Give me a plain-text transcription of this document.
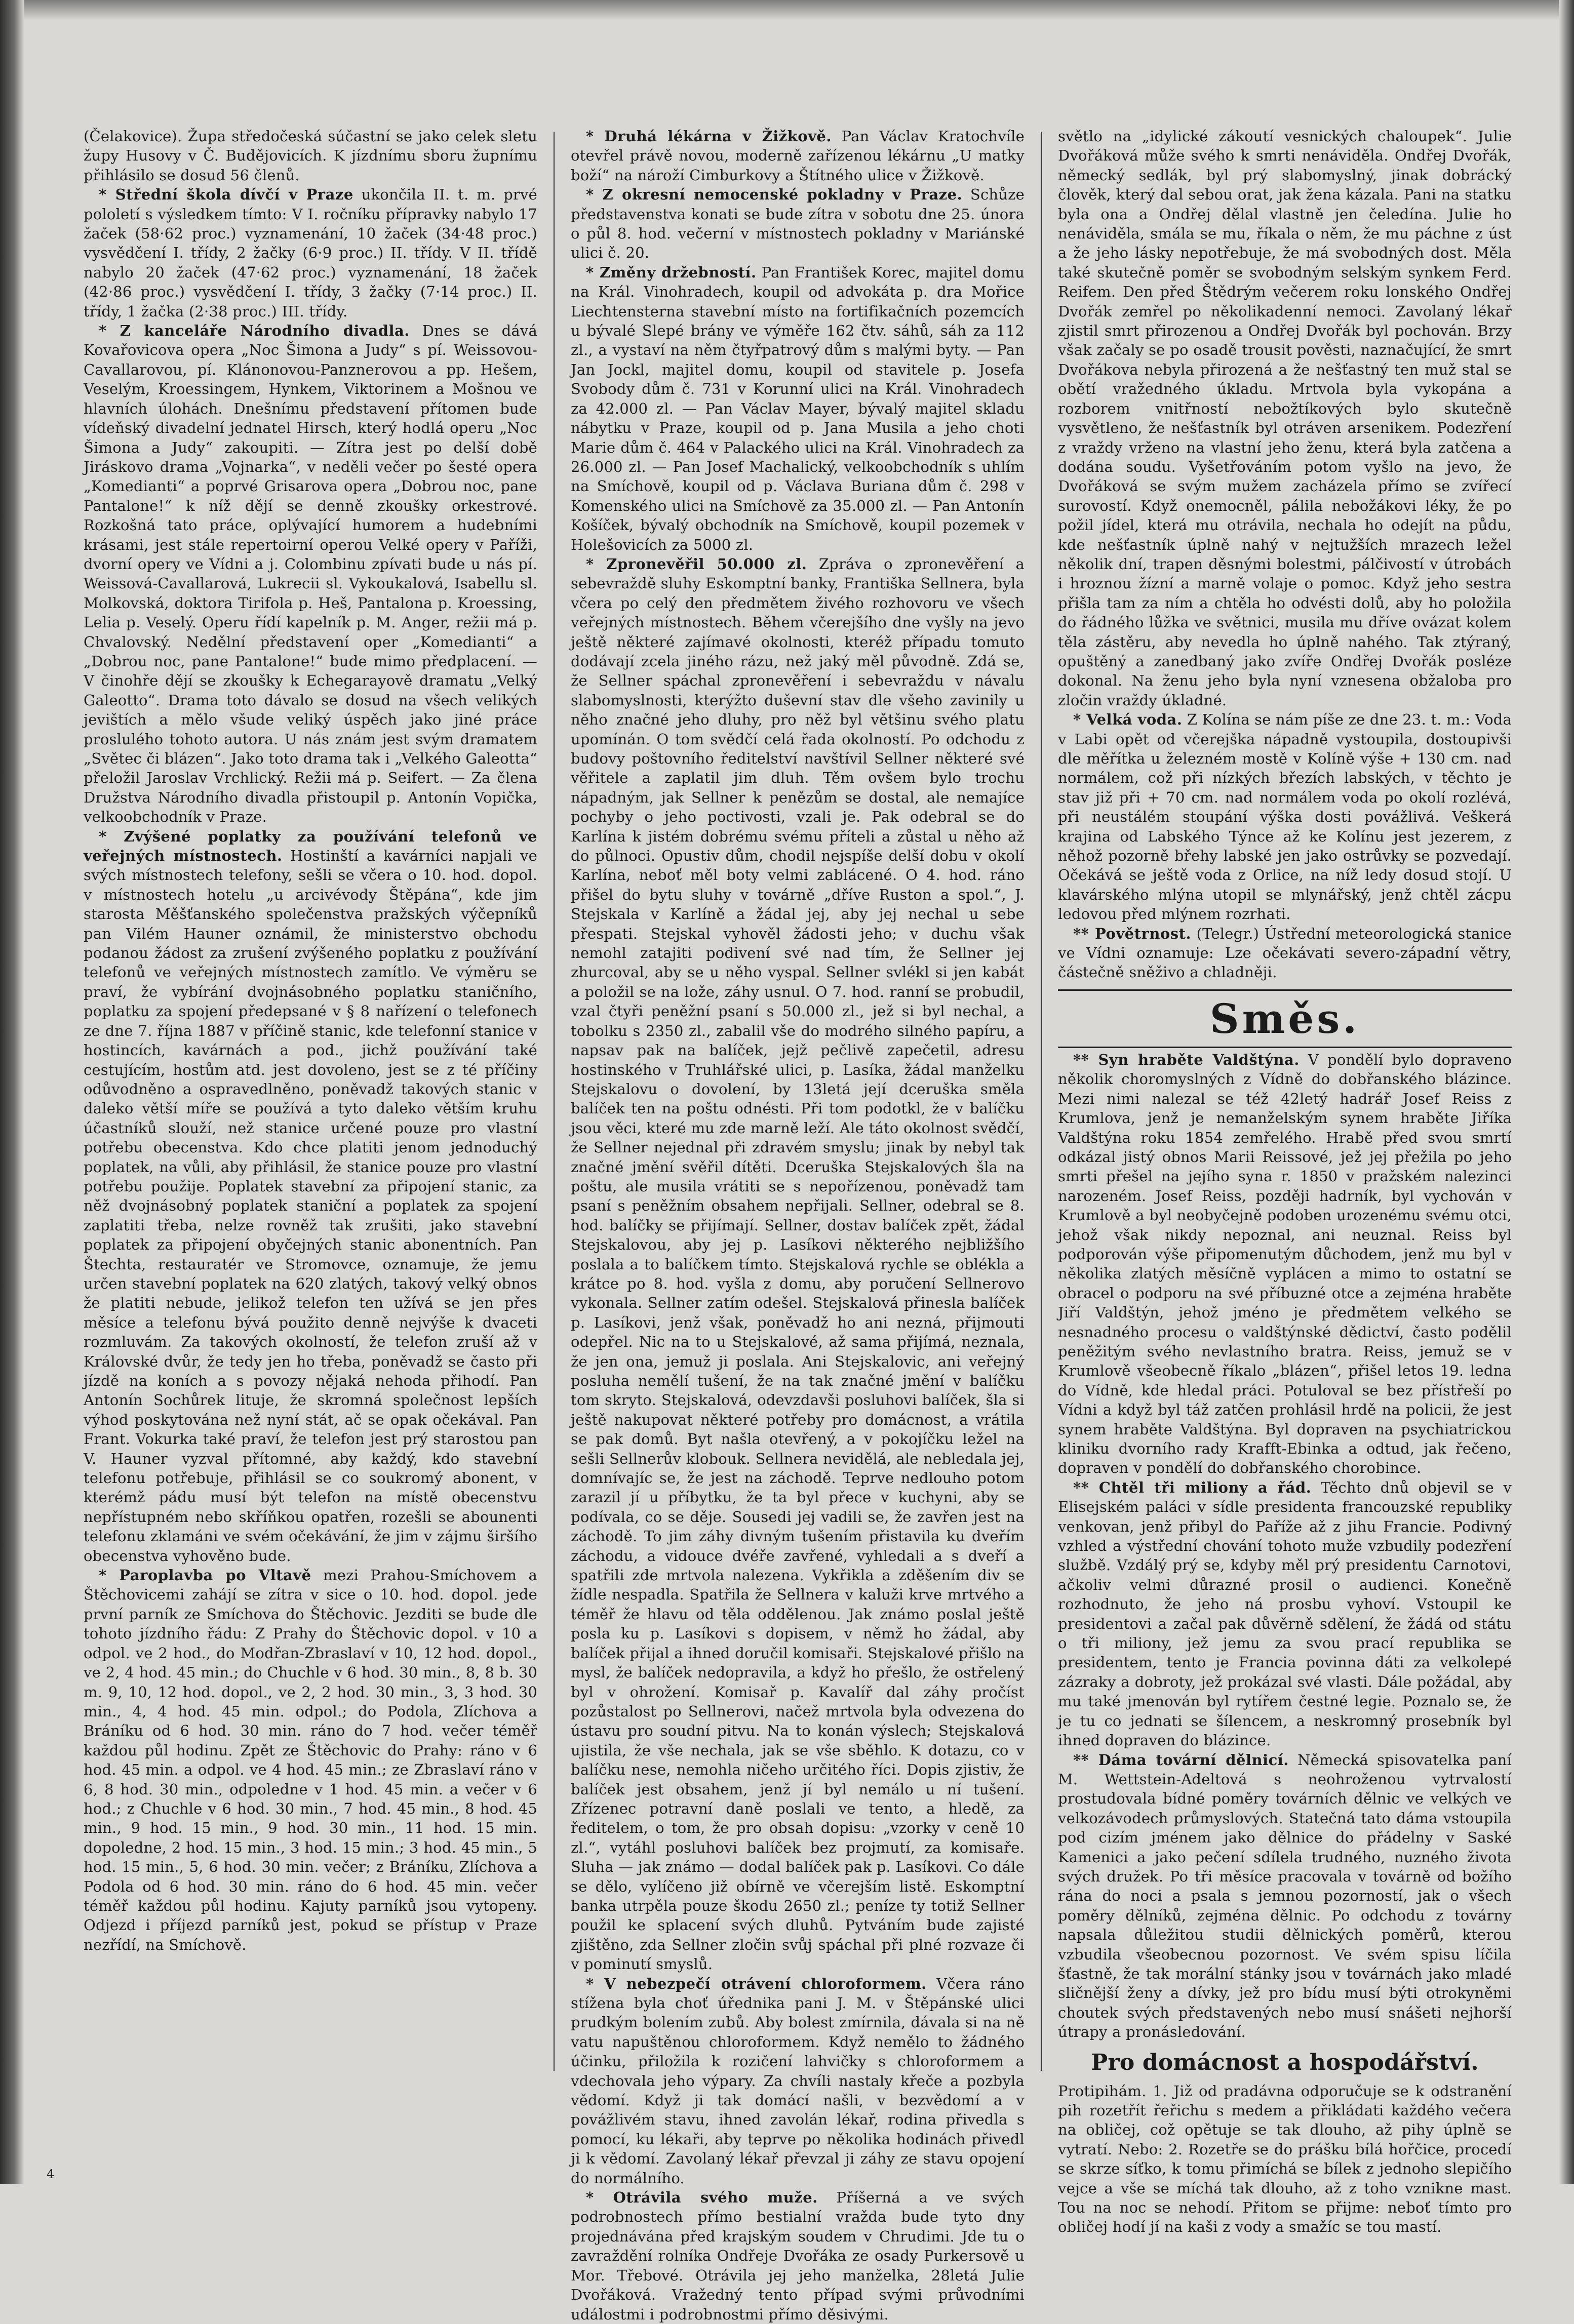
(Čelakovice). Župa středočeská súčastní se jako celek sletu župy Husovy v Č. Budějovicích. K jízdnímu sboru župnímu přihlásilo se dosud 56 členů.

* Střední škola dívčí v Praze ukončila II. t. m. prvé pololetí s výsledkem tímto: V I. ročníku přípravky nabylo 17 žaček (58·62 proc.) vyznamenání, 10 žaček (34·48 proc.) vysvědčení I. třídy, 2 žačky (6·9 proc.) II. třídy. V II. třídě nabylo 20 žaček (47·62 proc.) vyznamenání, 18 žaček (42·86 proc.) vysvědčení I. třídy, 3 žačky (7·14 proc.) II. třídy, 1 žačka (2·38 proc.) III. třídy.

* Z kanceláře Národního divadla. Dnes se dává Kovařovicova opera „Noc Šimona a Judy“ s pí. Weissovou-Cavallarovou, pí. Klánonovou-Panznerovou a pp. Hešem, Veselým, Kroessingem, Hynkem, Viktorinem a Mošnou ve hlavních úlohách. Dnešnímu představení přítomen bude vídeňský divadelní jednatel Hirsch, který hodlá operu „Noc Šimona a Judy“ zakoupiti. — Zítra jest po delší době Jiráskovo drama „Vojnarka“, v neděli večer po šesté opera „Komedianti“ a poprvé Grisarova opera „Dobrou noc, pane Pantalone!“ k níž dějí se denně zkoušky orkestrové. Rozkošná tato práce, oplývající humorem a hudebními krásami, jest stále repertoirní operou Velké opery v Paříži, dvorní opery ve Vídni a j. Colombinu zpívati bude u nás pí. Weissová-Cavallarová, Lukrecii sl. Vykoukalová, Isabellu sl. Molkovská, doktora Tirifola p. Heš, Pantalona p. Kroessing, Lelia p. Veselý. Operu řídí kapelník p. M. Anger, režii má p. Chvalovský. Nedělní představení oper „Komedianti“ a „Dobrou noc, pane Pantalone!“ bude mimo předplacení. — V činohře dějí se zkoušky k Echegarayově dramatu „Velký Galeotto“. Drama toto dávalo se dosud na všech velikých jevištích a mělo všude veliký úspěch jako jiné práce proslulého tohoto autora. U nás znám jest svým dramatem „Světec či blázen“. Jako toto drama tak i „Velkého Galeotta“ přeložil Jaroslav Vrchlický. Režii má p. Seifert. — Za člena Družstva Národního divadla přistoupil p. Antonín Vopička, velkoobchodník v Praze.

* Zvýšené poplatky za používání telefonů ve veřejných místnostech. Hostinští a kavárníci napjali ve svých místnostech telefony, sešli se včera o 10. hod. dopol. v místnostech hotelu „u arcivévody Štěpána“, kde jim starosta Měšťanského společenstva pražských výčepníků pan Vilém Hauner oznámil, že ministerstvo obchodu podanou žádost za zrušení zvýšeného poplatku z používání telefonů ve veřejných místnostech zamítlo. Ve výměru se praví, že vybírání dvojnásobného poplatku staničního, poplatku za spojení předepsané v § 8 nařízení o telefonech ze dne 7. října 1887 v příčině stanic, kde telefonní stanice v hostincích, kavárnách a pod., jichž používání také cestujícím, hostům atd. jest dovoleno, jest se z té příčiny odůvodněno a ospravedlněno, poněvadž takových stanic v daleko větší míře se používá a tyto daleko větším kruhu účastníků slouží, než stanice určené pouze pro vlastní potřebu obecenstva. Kdo chce platiti jenom jednoduchý poplatek, na vůli, aby přihlásil, že stanice pouze pro vlastní potřebu použije. Poplatek stavební za připojení stanic, za něž dvojnásobný poplatek staniční a poplatek za spojení zaplatiti třeba, nelze rovněž tak zrušiti, jako stavební poplatek za připojení obyčejných stanic abonentních. Pan Štechta, restauratér ve Stromovce, oznamuje, že jemu určen stavební poplatek na 620 zlatých, takový velký obnos že platiti nebude, jelikož telefon ten užívá se jen přes měsíce a telefonu bývá použito denně nejvýše k dvaceti rozmluvám. Za takových okolností, že telefon zruší až v Královské dvůr, že tedy jen ho třeba, poněvadž se často při jízdě na koních a s povozy nějaká nehoda přihodí. Pan Antonín Sochůrek lituje, že skromná společnost lepších výhod poskytována než nyní stát, ač se opak očekával. Pan Frant. Vokurka také praví, že telefon jest prý starostou pan V. Hauner vyzval přítomné, aby každý, kdo stavební telefonu potřebuje, přihlásil se co soukromý abonent, v kterémž pádu musí být telefon na místě obecenstvu nepřístupném nebo skříňkou opatřen, rozešli se abounenti telefonu zklamáni ve svém očekávání, že jim v zájmu širšího obecenstva vyhověno bude.

* Paroplavba po Vltavě mezi Prahou-Smíchovem a Štěchovicemi zahájí se zítra v sice o 10. hod. dopol. jede první parník ze Smíchova do Štěchovic. Jezditi se bude dle tohoto jízdního řádu: Z Prahy do Štěchovic dopol. v 10 a odpol. ve 2 hod., do Modřan-Zbraslaví v 10, 12 hod. dopol., ve 2, 4 hod. 45 min.; do Chuchle v 6 hod. 30 min., 8, 8 b. 30 m. 9, 10, 12 hod. dopol., ve 2, 2 hod. 30 min., 3, 3 hod. 30 min., 4, 4 hod. 45 min. odpol.; do Podola, Zlíchova a Bráníku od 6 hod. 30 min. ráno do 7 hod. večer téměř každou půl hodinu. Zpět ze Štěchovic do Prahy: ráno v 6 hod. 45 min. a odpol. ve 4 hod. 45 min.; ze Zbraslaví ráno v 6, 8 hod. 30 min., odpoledne v 1 hod. 45 min. a večer v 6 hod.; z Chuchle v 6 hod. 30 min., 7 hod. 45 min., 8 hod. 45 min., 9 hod. 15 min., 9 hod. 30 min., 11 hod. 15 min. dopoledne, 2 hod. 15 min., 3 hod. 15 min.; 3 hod. 45 min., 5 hod. 15 min., 5, 6 hod. 30 min. večer; z Bráníku, Zlíchova a Podola od 6 hod. 30 min. ráno do 6 hod. 45 min. večer téměř každou půl hodinu. Kajuty parníků jsou vytopeny. Odjezd i příjezd parníků jest, pokud se přístup v Praze nezřídí, na Smíchově.

* Druhá lékárna v Žižkově. Pan Václav Kratochvíle otevřel právě novou, moderně zařízenou lékárnu „U matky boží“ na nároží Cimburkovy a Štítného ulice v Žižkově.

* Z okresní nemocenské pokladny v Praze. Schůze představenstva konati se bude zítra v sobotu dne 25. února o půl 8. hod. večerní v místnostech pokladny v Mariánské ulici č. 20.

* Změny držebností. Pan František Korec, majitel domu na Král. Vinohradech, koupil od advokáta p. dra Mořice Liechtensterna stavební místo na fortifikačních pozemcích u bývalé Slepé brány ve výměře 162 čtv. sáhů, sáh za 112 zl., a vystaví na něm čtyřpatrový dům s malými byty. — Pan Jan Jockl, majitel domu, koupil od stavitele p. Josefa Svobody dům č. 731 v Korunní ulici na Král. Vinohradech za 42.000 zl. — Pan Václav Mayer, bývalý majitel skladu nábytku v Praze, koupil od p. Jana Musila a jeho choti Marie dům č. 464 v Palackého ulici na Král. Vinohradech za 26.000 zl. — Pan Josef Machalický, velkoobchodník s uhlím na Smíchově, koupil od p. Václava Buriana dům č. 298 v Komenského ulici na Smíchově za 35.000 zl. — Pan Antonín Košíček, bývalý obchodník na Smíchově, koupil pozemek v Holešovicích za 5000 zl.

* Zpronevěřil 50.000 zl. Zpráva o zpronevěření a sebevraždě sluhy Eskomptní banky, Františka Sellnera, byla včera po celý den předmětem živého rozhovoru ve všech veřejných místnostech. Během včerejšího dne vyšly na jevo ještě některé zajímavé okolnosti, kteréž případu tomuto dodávají zcela jiného rázu, než jaký měl původně. Zdá se, že Sellner spáchal zpronevěření i sebevraždu v návalu slabomyslnosti, kterýžto duševní stav dle všeho zavinily u něho značné jeho dluhy, pro něž byl většinu svého platu upomínán. O tom svědčí celá řada okolností. Po odchodu z budovy poštovního ředitelství navštívil Sellner některé své věřitele a zaplatil jim dluh. Těm ovšem bylo trochu nápadným, jak Sellner k penězům se dostal, ale nemajíce pochyby o jeho poctivosti, vzali je. Pak odebral se do Karlína k jistém dobrému svému příteli a zůstal u něho až do půlnoci. Opustiv dům, chodil nejspíše delší dobu v okolí Karlína, neboť měl boty velmi zablácené. O 4. hod. ráno přišel do bytu sluhy v továrně „dříve Ruston a spol.“, J. Stejskala v Karlíně a žádal jej, aby jej nechal u sebe přespati. Stejskal vyhověl žádosti jeho; v duchu však nemohl zatajiti podivení své nad tím, že Sellner jej zhurcoval, aby se u něho vyspal. Sellner svlékl si jen kabát a položil se na lože, záhy usnul. O 7. hod. ranní se probudil, vzal čtyři peněžní psaní s 50.000 zl., jež si byl nechal, a tobolku s 2350 zl., zabalil vše do modrého silného papíru, a napsav pak na balíček, jejž pečlivě zapečetil, adresu hostinského v Truhlářské ulici, p. Lasíka, žádal manželku Stejskalovu o dovolení, by 13letá její dceruška směla balíček ten na poštu odnésti. Při tom podotkl, že v balíčku jsou věci, které mu zde marně leží. Ale táto okolnost svědčí, že Sellner nejednal při zdravém smyslu; jinak by nebyl tak značné jmění svěřil dítěti. Dceruška Stejskalových šla na poštu, ale musila vrátiti se s nepořízenou, poněvadž tam psaní s peněžním obsahem nepřijali. Sellner, odebral se 8. hod. balíčky se přijímají. Sellner, dostav balíček zpět, žádal Stejskalovou, aby jej p. Lasíkovi některého nejbližšího poslala a to balíčkem tímto. Stejskalová rychle se oblékla a krátce po 8. hod. vyšla z domu, aby poručení Sellnerovo vykonala. Sellner zatím odešel. Stejskalová přinesla balíček p. Lasíkovi, jenž však, poněvadž ho ani nezná, přijmouti odepřel. Nic na to u Stejskalové, až sama přijímá, neznala, že jen ona, jemuž ji poslala. Ani Stejskalovic, ani veřejný posluha nemělí tušení, že na tak značné jmění v balíčku tom skryto. Stejskalová, odevzdavši posluhovi balíček, šla si ještě nakupovat některé potřeby pro domácnost, a vrátila se pak domů. Byt našla otevřený, a v pokojíčku ležel na sešli Sellnerův klobouk. Sellnera nevidělá, ale nebledala jej, domnívajíc se, že jest na záchodě. Teprve nedlouho potom zarazil jí u příbytku, že ta byl přece v kuchyni, aby se podívala, co se děje. Sousedi jej vadili se, že zavřen jest na záchodě. To jim záhy divným tušením přistavila ku dveřím záchodu, a vidouce dvéře zavřené, vyhledali a s dveří a spatřili zde mrtvola nalezena. Vykřikla a zděšením div se žídle nespadla. Spatřila že Sellnera v kaluži krve mrtvého a téměř že hlavu od těla oddělenou. Jak známo poslal ještě posla ku p. Lasíkovi s dopisem, v němž ho žádal, aby balíček přijal a ihned doručil komisaři. Stejskalové přišlo na mysl, že balíček nedopravila, a když ho přešlo, že ostřelený byl v ohrožení. Komisař p. Kavalíř dal záhy pročíst pozůstalost po Sellnerovi, načež mrtvola byla odvezena do ústavu pro soudní pitvu. Na to konán výslech; Stejskalová ujistila, že vše nechala, jak se vše sběhlo. K dotazu, co v balíčku nese, nemohla ničeho určitého říci. Dopis zjistiv, že balíček jest obsahem, jenž jí byl nemálo u ní tušení. Zřízenec potravní daně poslali ve tento, a hledě, za ředitelem, o tom, že pro obsah dopisu: „vzorky v ceně 10 zl.“, vytáhl posluhovi balíček bez projmutí, za komisaře. Sluha — jak známo — dodal balíček pak p. Lasíkovi. Co dále se dělo, vylíčeno již obírně ve včerejším listě. Eskomptní banka utrpěla pouze škodu 2650 zl.; peníze ty totiž Sellner použil ke splacení svých dluhů. Pytváním bude zajisté zjištěno, zda Sellner zločin svůj spáchal při plné rozvaze či v pominutí smyslů.

* V nebezpečí otrávení chloroformem. Včera ráno stížena byla choť úřednika pani J. M. v Štěpánské ulici prudkým bolením zubů. Aby bolest zmírnila, dávala si na ně vatu napuštěnou chloroformem. Když nemělo to žádného účinku, přiložila k rozičení lahvičky s chloroformem a vdechovala jeho výpary. Za chvíli nastaly křeče a pozbyla vědomí. Když ji tak domácí našli, v bezvědomí a v povážlivém stavu, ihned zavolán lékař, rodina přivedla s pomocí, ku lékaři, aby teprve po několika hodinách přivedl ji k vědomí. Zavolaný lékař převzal ji záhy ze stavu opojení do normálního.

* Otrávila svého muže. Příšerná a ve svých podrobnostech přímo bestialní vražda bude tyto dny projednávána před krajským soudem v Chrudimi. Jde tu o zavraždění rolníka Ondřeje Dvořáka ze osady Purkersově u Mor. Třebové. Otrávila jej jeho manželka, 28letá Julie Dvořáková. Vražedný tento případ svými průvodními událostmi i podrobnostmi přímo děsivými.

světlo na „idylické zákoutí vesnických chaloupek“. Julie Dvořáková může svého k smrti nenáviděla. Ondřej Dvořák, německý sedlák, byl prý slabomyslný, jinak dobrácký člověk, který dal sebou orat, jak žena kázala. Pani na statku byla ona a Ondřej dělal vlastně jen čeledína. Julie ho nenáviděla, smála se mu, říkala o něm, že mu páchne z úst a že jeho lásky nepotřebuje, že má svobodných dost. Měla také skutečně poměr se svobodným selským synkem Ferd. Reifem. Den před Štědrým večerem roku lonského Ondřej Dvořák zemřel po několikadenní nemoci. Zavolaný lékař zjistil smrt přirozenou a Ondřej Dvořák byl pochován. Brzy však začaly se po osadě trousit pověsti, naznačující, že smrt Dvořákova nebyla přirozená a že nešťastný ten muž stal se obětí vražedného úkladu. Mrtvola byla vykopána a rozborem vnitřností nebožtíkových bylo skutečně vysvětleno, že nešťastník byl otráven arsenikem. Podezření z vraždy vrženo na vlastní jeho ženu, která byla zatčena a dodána soudu. Vyšetřováním potom vyšlo na jevo, že Dvořáková se svým mužem zacházela přímo se zvířecí surovostí. Když onemocněl, pálila nebožákovi léky, že po požil jídel, která mu otrávila, nechala ho odejít na půdu, kde nešťastník úplně nahý v nejtužších mrazech ležel několik dní, trapen děsnými bolestmi, pálčivostí v útrobách i hroznou žízní a marně volaje o pomoc. Když jeho sestra přišla tam za ním a chtěla ho odvésti dolů, aby ho položila do řádného lůžka ve světnici, musila mu dříve ovázat kolem těla zástěru, aby nevedla ho úplně nahého. Tak ztýraný, opuštěný a zanedbaný jako zvíře Ondřej Dvořák posléze dokonal. Na ženu jeho byla nyní vznesena obžaloba pro zločin vraždy úkladné.

* Velká voda. Z Kolína se nám píše ze dne 23. t. m.: Voda v Labi opět od včerejška nápadně vystoupila, dostoupivši dle měřítka u železném mostě v Kolíně výše + 130 cm. nad normálem, což při nízkých březích labských, v těchto je stav již při + 70 cm. nad normálem voda po okolí rozlévá, při neustálém stoupání výška dosti povážlivá. Veškerá krajina od Labského Týnce až ke Kolínu jest jezerem, z něhož pozorně břehy labské jen jako ostrůvky se pozvedají. Očekává se ještě voda z Orlice, na níž ledy dosud stojí. U klavárského mlýna utopil se mlynářský, jenž chtěl zácpu ledovou před mlýnem rozrhati.

** Povětrnost. (Telegr.) Ústřední meteorologická stanice ve Vídni oznamuje: Lze očekávati severo-západní větry, částečně sněživo a chladněji.

Směs.

** Syn hraběte Valdštýna. V pondělí bylo dopraveno několik choromyslných z Vídně do dobřanského blázince. Mezi nimi nalezal se též 42letý hadrář Josef Reiss z Krumlova, jenž je nemanželským synem hraběte Jiříka Valdštýna roku 1854 zemřelého. Hrabě před svou smrtí odkázal jistý obnos Marii Reissové, jež jej přežila po jeho smrti přešel na jejího syna r. 1850 v pražském nalezinci narozeném. Josef Reiss, později hadrník, byl vychován v Krumlově a byl neobyčejně podoben urozenému svému otci, jehož však nikdy nepoznal, ani neuznal. Reiss byl podporován výše připomenutým důchodem, jenž mu byl v několika zlatých měsíčně vyplácen a mimo to ostatní se obracel o podporu na své příbuzné otce a zejména hraběte Jiří Valdštýn, jehož jméno je předmětem velkého se nesnadného procesu o valdštýnské dědictví, často podělil peněžitým svého nevlastního bratra. Reiss, jemuž se v Krumlově všeobecně říkalo „blázen“, přišel letos 19. ledna do Vídně, kde hledal práci. Potuloval se bez přístřeší po Vídni a když byl táž zatčen prohlásil hrdě na policii, že jest synem hraběte Valdštýna. Byl dopraven na psychiatrickou kliniku dvorního rady Krafft-Ebinka a odtud, jak řečeno, dopraven v pondělí do dobřanského chorobince.

** Chtěl tři miliony a řád. Těchto dnů objevil se v Elisejském paláci v sídle presidenta francouzské republiky venkovan, jenž přibyl do Paříže až z jihu Francie. Podivný vzhled a výstřední chování tohoto muže vzbudily podezření službě. Vzdálý prý se, kdyby měl prý presidentu Carnotovi, ačkoliv velmi důrazné prosil o audienci. Konečně rozhodnuto, že jeho ná prosbu vyhoví. Vstoupil ke presidentovi a začal pak důvěrně sdělení, že žádá od státu o tři miliony, jež jemu za svou prací republika se presidentem, tento je Francia povinna dáti za velkolepé zázraky a dobroty, jež prokázal své vlasti. Dále požádal, aby mu také jmenován byl rytířem čestné legie. Poznalo se, že je tu co jednati se šílencem, a neskromný prosebník byl ihned dopraven do blázince.

** Dáma tovární dělnicí. Německá spisovatelka paní M. Wettstein-Adeltová s neohroženou vytrvalostí prostudovala bídné poměry továrních dělnic ve velkých ve velkozávodech průmyslových. Statečná tato dáma vstoupila pod cizím jménem jako dělnice do přádelny v Saské Kamenici a jako pečení sdílela trudného, nuzného života svých družek. Po tři měsíce pracovala v továrně od božího rána do noci a psala s jemnou pozorností, jak o všech poměry dělníků, zejména dělnic. Po odchodu z továrny napsala důležitou studii dělnických poměrů, kterou vzbudila všeobecnou pozornost. Ve svém spisu líčila šťastně, že tak morální stánky jsou v továrnách jako mladé sličnější ženy a dívky, jež pro bídu musí býti otrokyněmi choutek svých představených nebo musí snášeti nejhorší útrapy a pronásledování.

Pro domácnost a hospodářství.

Protipihám. 1. Již od pradávna odporučuje se k odstranění pih rozetřít řeřichu s medem a přikládati každého večera na obličej, což opětuje se tak dlouho, až pihy úplně se vytratí. Nebo: 2. Rozetře se do prášku bílá hořčice, procedí se skrze síťko, k tomu přimíchá se bílek z jednoho slepičího vejce a vše se míchá tak dlouho, až z toho vznikne mast. Tou na noc se nehodí. Přitom se přijme: neboť tímto pro obličej hodí jí na kaši z vody a smažíc se tou mastí.

4
